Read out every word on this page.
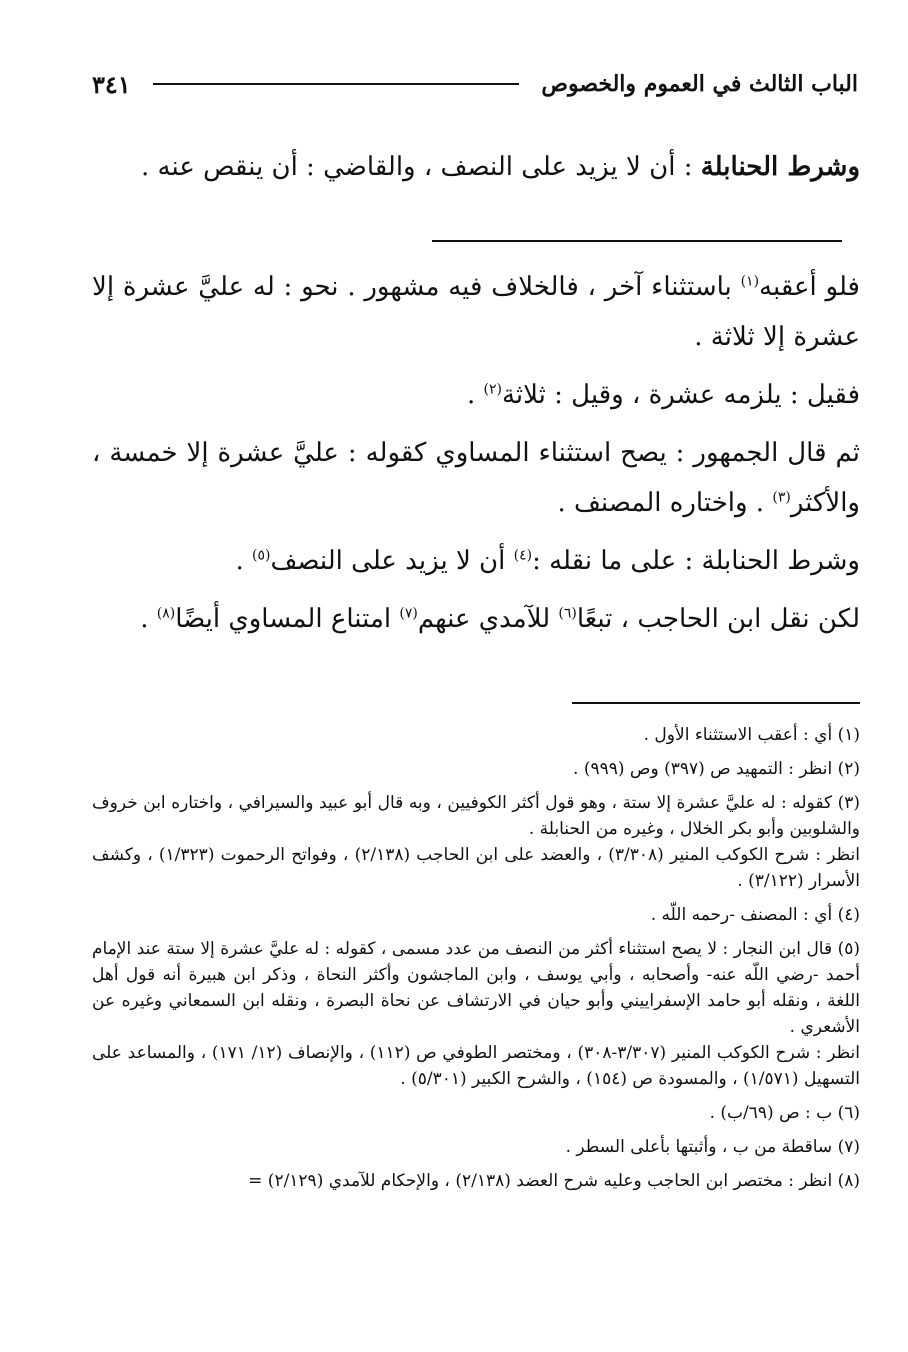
الباب الثالث في العموم والخصوص
٣٤١

وشرط الحنابلة : أن لا يزيد على النصف ، والقاضي : أن ينقص عنه .

فلو أعقبه$^{(١)}$ باستثناء آخر ، فالخلاف فيه مشهور . نحو : له عليَّ عشرة إلا عشرة إلا ثلاثة .

فقيل : يلزمه عشرة ، وقيل : ثلاثة$^{(٢)}$ .

ثم قال الجمهور : يصح استثناء المساوي كقوله : عليَّ عشرة إلا خمسة ، والأكثر$^{(٣)}$ . واختاره المصنف .

وشرط الحنابلة : على ما نقله :$^{(٤)}$ أن لا يزيد على النصف$^{(٥)}$ .

لكن نقل ابن الحاجب ، تبعًا$^{(٦)}$ للآمدي عنهم$^{(٧)}$ امتناع المساوي أيضًا$^{(٨)}$ .

(١) أي : أعقب الاستثناء الأول .
(٢) انظر : التمهيد ص (٣٩٧) وص (٩٩٩) .
(٣) كقوله : له عليَّ عشرة إلا ستة ، وهو قول أكثر الكوفيين ، وبه قال أبو عبيد والسيرافي ، واختاره ابن خروف والشلوبين وأبو بكر الخلال ، وغيره من الحنابلة .
انظر : شرح الكوكب المنير (٣/٣٠٨) ، والعضد على ابن الحاجب (٢/١٣٨) ، وفواتح الرحموت (١/٣٢٣) ، وكشف الأسرار (٣/١٢٢) .
(٤) أي : المصنف -رحمه اللّه .
(٥) قال ابن النجار : لا يصح استثناء أكثر من النصف من عدد مسمى ، كقوله : له عليَّ عشرة إلا ستة عند الإمام أحمد -رضي اللّه عنه- وأصحابه ، وأبي يوسف ، وابن الماجشون وأكثر النحاة ، وذكر ابن هبيرة أنه قول أهل اللغة ، ونقله أبو حامد الإسفراييني وأبو حيان في الارتشاف عن نحاة البصرة ، ونقله ابن السمعاني وغيره عن الأشعري .
انظر : شرح الكوكب المنير (٣/٣٠٧-٣٠٨) ، ومختصر الطوفي ص (١١٢) ، والإنصاف (١٢/ ١٧١) ، والمساعد على التسهيل (١/٥٧١) ، والمسودة ص (١٥٤) ، والشرح الكبير (٥/٣٠١) .
(٦) ب : ص (٦٩/ب) .
(٧) ساقطة من ب ، وأثبتها بأعلى السطر .
(٨) انظر : مختصر ابن الحاجب وعليه شرح العضد (٢/١٣٨) ، والإحكام للآمدي (٢/١٢٩) =
